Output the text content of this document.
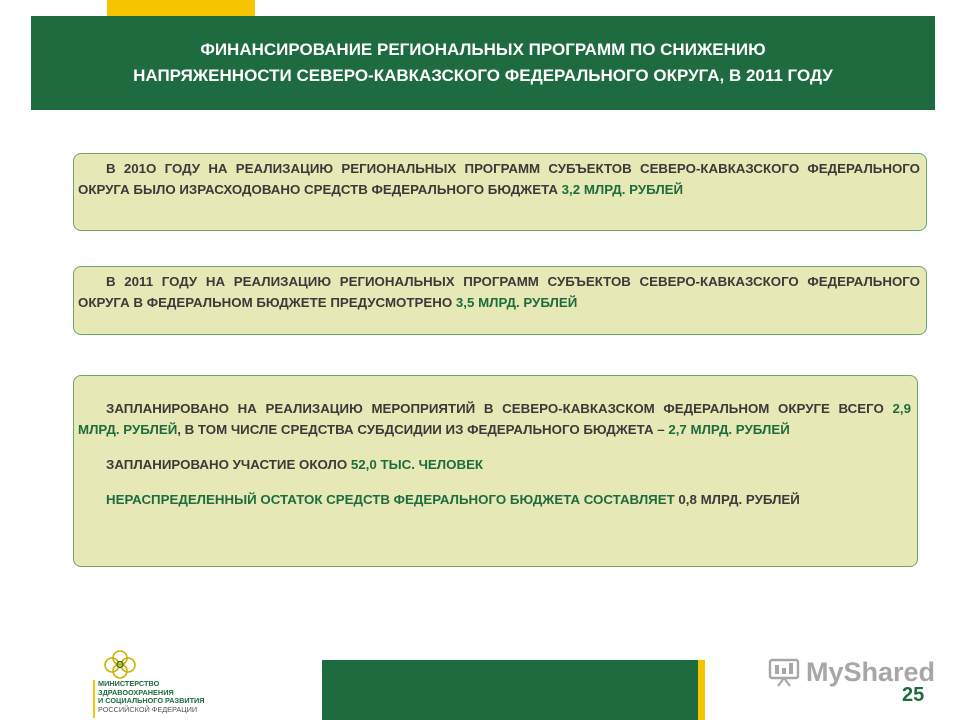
ФИНАНСИРОВАНИЕ РЕГИОНАЛЬНЫХ ПРОГРАММ ПО СНИЖЕНИЮ
НАПРЯЖЕННОСТИ СЕВЕРО-КАВКАЗСКОГО ФЕДЕРАЛЬНОГО ОКРУГА, В 2011 ГОДУ

В 201О ГОДУ НА РЕАЛИЗАЦИЮ РЕГИОНАЛЬНЫХ ПРОГРАММ СУБЪЕКТОВ СЕВЕРО-КАВКАЗСКОГО ФЕДЕРАЛЬНОГО ОКРУГА БЫЛО ИЗРАСХОДОВАНО СРЕДСТВ ФЕДЕРАЛЬНОГО БЮДЖЕТА 3,2 МЛРД. РУБЛЕЙ

В 2011 ГОДУ НА РЕАЛИЗАЦИЮ РЕГИОНАЛЬНЫХ ПРОГРАММ СУБЪЕКТОВ СЕВЕРО-КАВКАЗСКОГО ФЕДЕРАЛЬНОГО ОКРУГА В ФЕДЕРАЛЬНОМ БЮДЖЕТЕ ПРЕДУСМОТРЕНО 3,5 МЛРД. РУБЛЕЙ

ЗАПЛАНИРОВАНО НА РЕАЛИЗАЦИЮ МЕРОПРИЯТИЙ В СЕВЕРО-КАВКАЗСКОМ ФЕДЕРАЛЬНОМ ОКРУГЕ ВСЕГО 2,9 МЛРД. РУБЛЕЙ, В ТОМ ЧИСЛЕ СРЕДСТВА СУБДСИДИИ ИЗ ФЕДЕРАЛЬНОГО БЮДЖЕТА – 2,7 МЛРД. РУБЛЕЙ

ЗАПЛАНИРОВАНО УЧАСТИЕ ОКОЛО 52,0 ТЫС. ЧЕЛОВЕК

НЕРАСПРЕДЕЛЕННЫЙ ОСТАТОК СРЕДСТВ ФЕДЕРАЛЬНОГО БЮДЖЕТА СОСТАВЛЯЕТ 0,8 МЛРД. РУБЛЕЙ

МИНИСТЕРСТВО
ЗДРАВООХРАНЕНИЯ
И СОЦИАЛЬНОГО РАЗВИТИЯ
РОССИЙСКОЙ ФЕДЕРАЦИИ
MyShared
25
